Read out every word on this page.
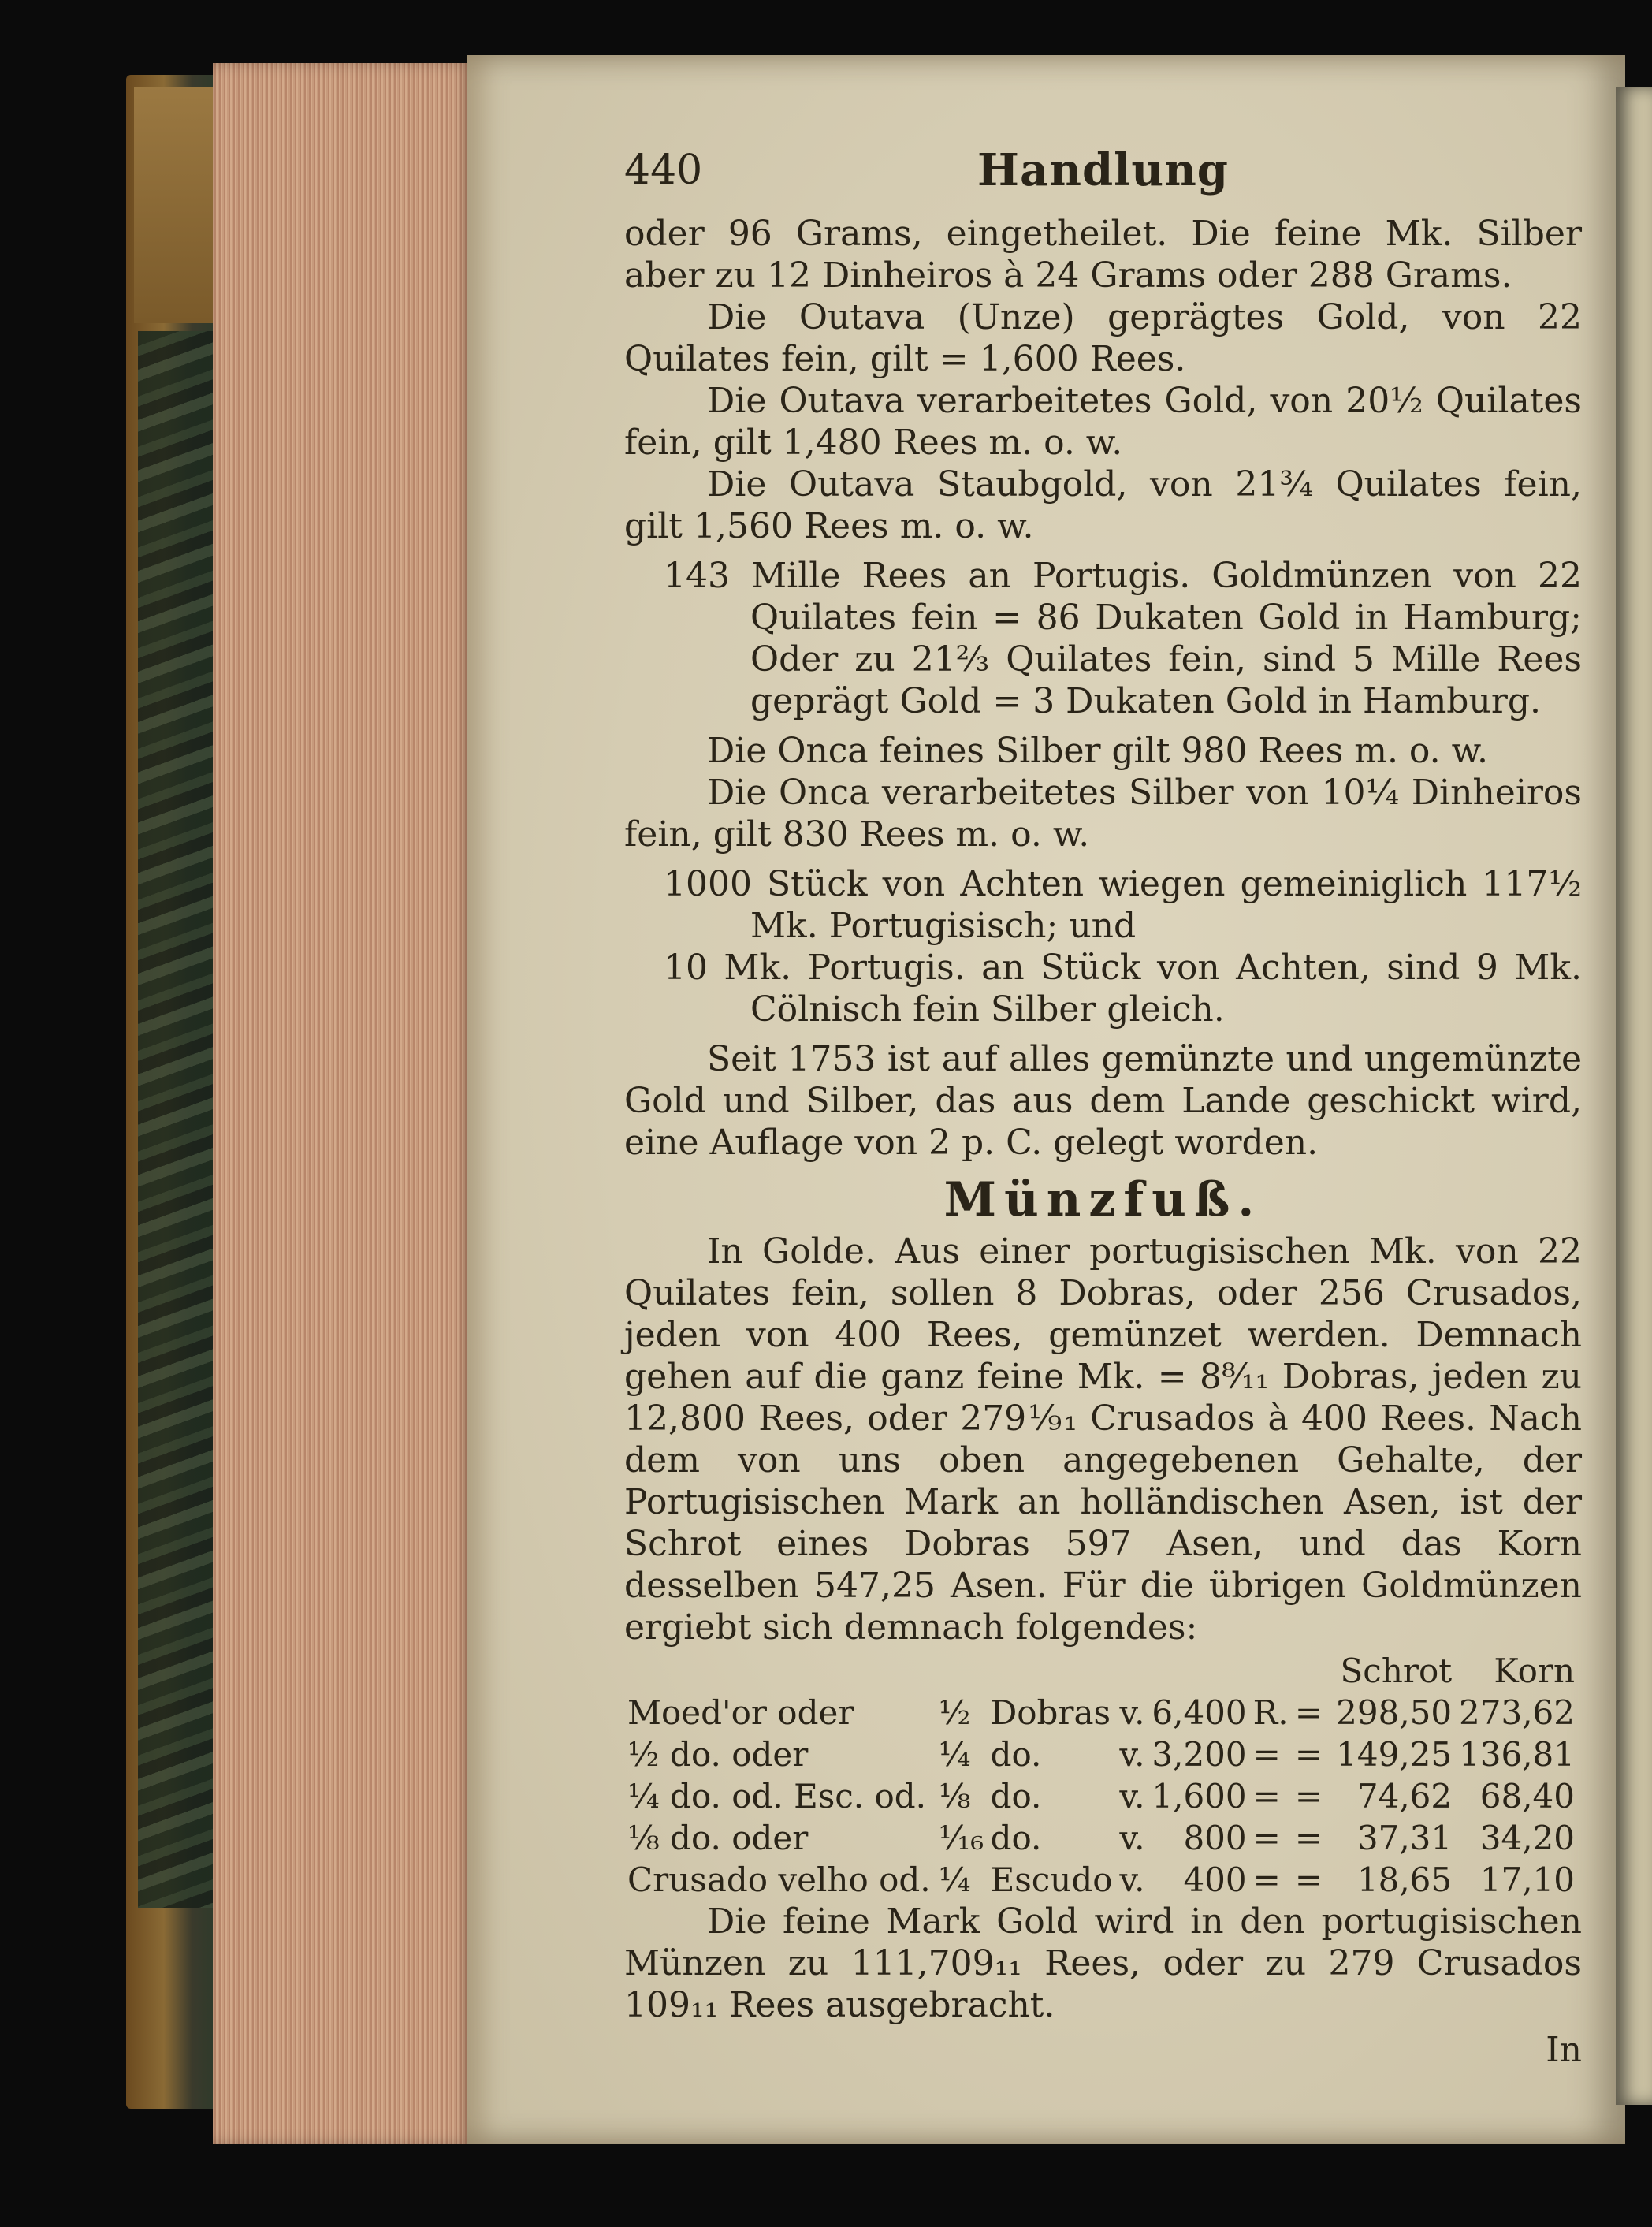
440	Handlung

oder 96 Grams, eingetheilet. Die feine Mk. Silber aber zu 12 Dinheiros à 24 Grams oder 288 Grams.

Die Outava (Unze) geprägtes Gold, von 22 Quilates fein, gilt = 1,600 Rees.

Die Outava verarbeitetes Gold, von 20½ Quilates fein, gilt 1,480 Rees m. o. w.

Die Outava Staubgold, von 21¾ Quilates fein, gilt 1,560 Rees m. o. w.

143 Mille Rees an Portugis. Goldmünzen von 22 Quilates fein = 86 Dukaten Gold in Hamburg; Oder zu 21⅔ Quilates fein, sind 5 Mille Rees geprägt Gold = 3 Dukaten Gold in Hamburg.

Die Onca feines Silber gilt 980 Rees m. o. w.

Die Onca verarbeitetes Silber von 10¼ Dinheiros fein, gilt 830 Rees m. o. w.

1000 Stück von Achten wiegen gemeiniglich 117½ Mk. Portugisisch; und

10 Mk. Portugis. an Stück von Achten, sind 9 Mk. Cölnisch fein Silber gleich.

Seit 1753 ist auf alles gemünzte und ungemünzte Gold und Silber, das aus dem Lande geschickt wird, eine Auflage von 2 p. C. gelegt worden.

Münzfuß.

In Golde. Aus einer portugisischen Mk. von 22 Quilates fein, sollen 8 Dobras, oder 256 Crusados, jeden von 400 Rees, gemünzet werden. Demnach gehen auf die ganz feine Mk. = 8⁸⁄₁₁ Dobras, jeden zu 12,800 Rees, oder 279⅑₁ Crusados à 400 Rees. Nach dem von uns oben angegebenen Gehalte, der Portugisischen Mark an holländischen Asen, ist der Schrot eines Dobras 597 Asen, und das Korn desselben 547,25 Asen. Für die übrigen Goldmünzen ergiebt sich demnach folgendes:

								Schrot	Korn
Moed'or oder	½	Dobras	v.	6,400	R.	=		298,50	273,62
½ do. oder	¼	do.	v.	3,200	=	=		149,25	136,81
¼ do. od. Esc. od.	⅛	do.	v.	1,600	=	=		74,62	68,40
⅛ do. oder	¹⁄₁₆	do.	v.	800	=	=		37,31	34,20
Crusado velho od.	¼	Escudo	v.	400	=	=		18,65	17,10

Die feine Mark Gold wird in den portugisischen Münzen zu 111,709₁₁ Rees, oder zu 279 Crusados 109₁₁ Rees ausgebracht.

In
